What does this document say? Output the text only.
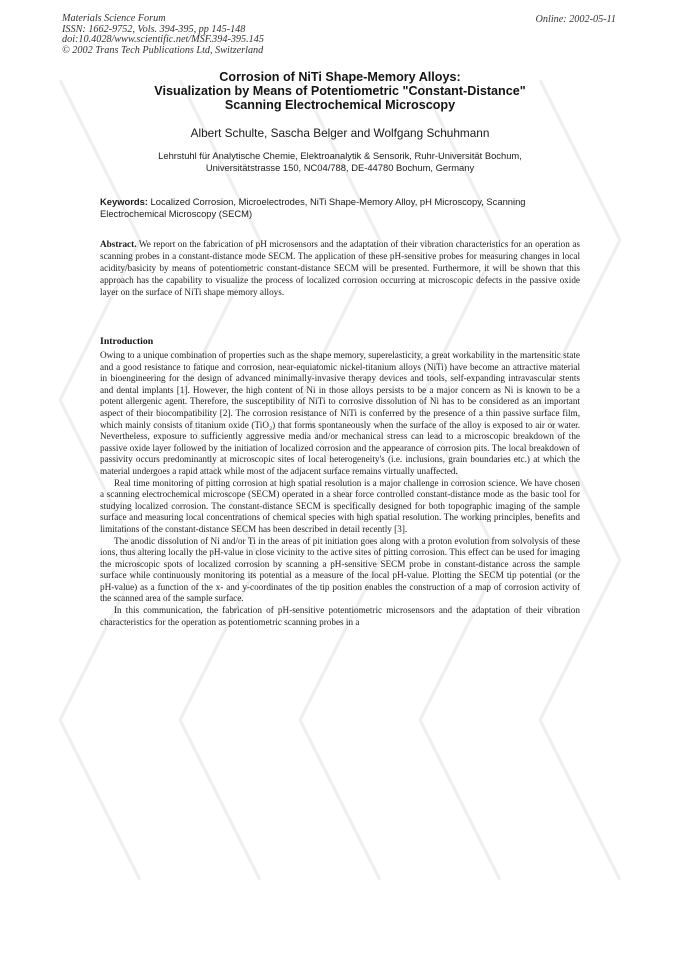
Materials Science Forum
ISSN: 1662-9752, Vols. 394-395, pp 145-148
doi:10.4028/www.scientific.net/MSF.394-395.145
© 2002 Trans Tech Publications Ltd, Switzerland
Online: 2002-05-11
Corrosion of NiTi Shape-Memory Alloys:
Visualization by Means of Potentiometric "Constant-Distance"
Scanning Electrochemical Microscopy
Albert Schulte, Sascha Belger and Wolfgang Schuhmann
Lehrstuhl für Analytische Chemie, Elektroanalytik & Sensorik, Ruhr-Universität Bochum,
Universitätstrasse 150, NC04/788, DE-44780 Bochum, Germany
Keywords: Localized Corrosion, Microelectrodes, NiTi Shape-Memory Alloy, pH Microscopy, Scanning Electrochemical Microscopy (SECM)
Abstract. We report on the fabrication of pH microsensors and the adaptation of their vibration characteristics for an operation as scanning probes in a constant-distance mode SECM. The application of these pH-sensitive probes for measuring changes in local acidity/basicity by means of potentiometric constant-distance SECM will be presented. Furthermore, it will be shown that this approach has the capability to visualize the process of localized corrosion occurring at microscopic defects in the passive oxide layer on the surface of NiTi shape memory alloys.
Introduction

Owing to a unique combination of properties such as the shape memory, superelasticity, a great workability in the martensitic state and a good resistance to fatique and corrosion, near-equiatomic nickel-titanium alloys (NiTi) have become an attractive material in bioengineering for the design of advanced minimally-invasive therapy devices and tools, self-expanding intravascular stents and dental implants [1]. However, the high content of Ni in those alloys persists to be a major concern as Ni is known to be a potent allergenic agent. Therefore, the susceptibility of NiTi to corrosive dissolution of Ni has to be considered as an important aspect of their biocompatibility [2]. The corrosion resistance of NiTi is conferred by the presence of a thin passive surface film, which mainly consists of titanium oxide (TiO₂) that forms spontaneously when the surface of the alloy is exposed to air or water. Nevertheless, exposure to sufficiently aggressive media and/or mechanical stress can lead to a microscopic breakdown of the passive oxide layer followed by the initiation of localized corrosion and the appearance of corrosion pits. The local breakdown of passivity occurs predominantly at microscopic sites of local heterogeneity's (i.e. inclusions, grain boundaries etc.) at which the material undergoes a rapid attack while most of the adjacent surface remains virtually unaffected.

Real time monitoring of pitting corrosion at high spatial resolution is a major challenge in corrosion science. We have chosen a scanning electrochemical microscope (SECM) operated in a shear force controlled constant-distance mode as the basic tool for studying localized corrosion. The constant-distance SECM is specifically designed for both topographic imaging of the sample surface and measuring local concentrations of chemical species with high spatial resolution. The working principles, benefits and limitations of the constant-distance SECM has been described in detail recently [3].

The anodic dissolution of Ni and/or Ti in the areas of pit initiation goes along with a proton evolution from solvolysis of these ions, thus altering locally the pH-value in close vicinity to the active sites of pitting corrosion. This effect can be used for imaging the microscopic spots of localized corrosion by scanning a pH-sensitive SECM probe in constant-distance across the sample surface while continuously monitoring its potential as a measure of the local pH-value. Plotting the SECM tip potential (or the pH-value) as a function of the x- and y-coordinates of the tip position enables the construction of a map of corrosion activity of the scanned area of the sample surface.

In this communication, the fabrication of pH-sensitive potentiometric microsensors and the adaptation of their vibration characteristics for the operation as potentiometric scanning probes in a
